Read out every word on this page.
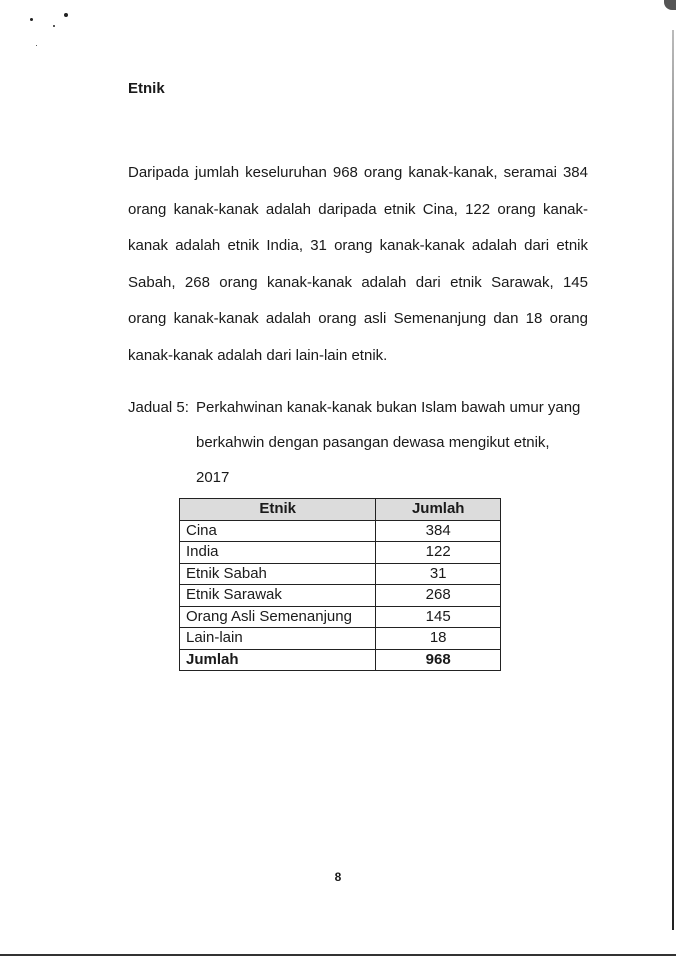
Etnik
Daripada jumlah keseluruhan 968 orang kanak-kanak, seramai 384 orang kanak-kanak adalah daripada etnik Cina, 122 orang kanak-kanak adalah etnik India, 31 orang kanak-kanak adalah dari etnik Sabah, 268 orang kanak-kanak adalah dari etnik Sarawak, 145 orang kanak-kanak adalah orang asli Semenanjung dan 18 orang kanak-kanak adalah dari lain-lain etnik.
Jadual 5: Perkahwinan kanak-kanak bukan Islam bawah umur yang
berkahwin dengan pasangan dewasa mengikut etnik,
2017
Etnik	Jumlah
Cina	384
India	122
Etnik Sabah	31
Etnik Sarawak	268
Orang Asli Semenanjung	145
Lain-lain	18
Jumlah	968
8
